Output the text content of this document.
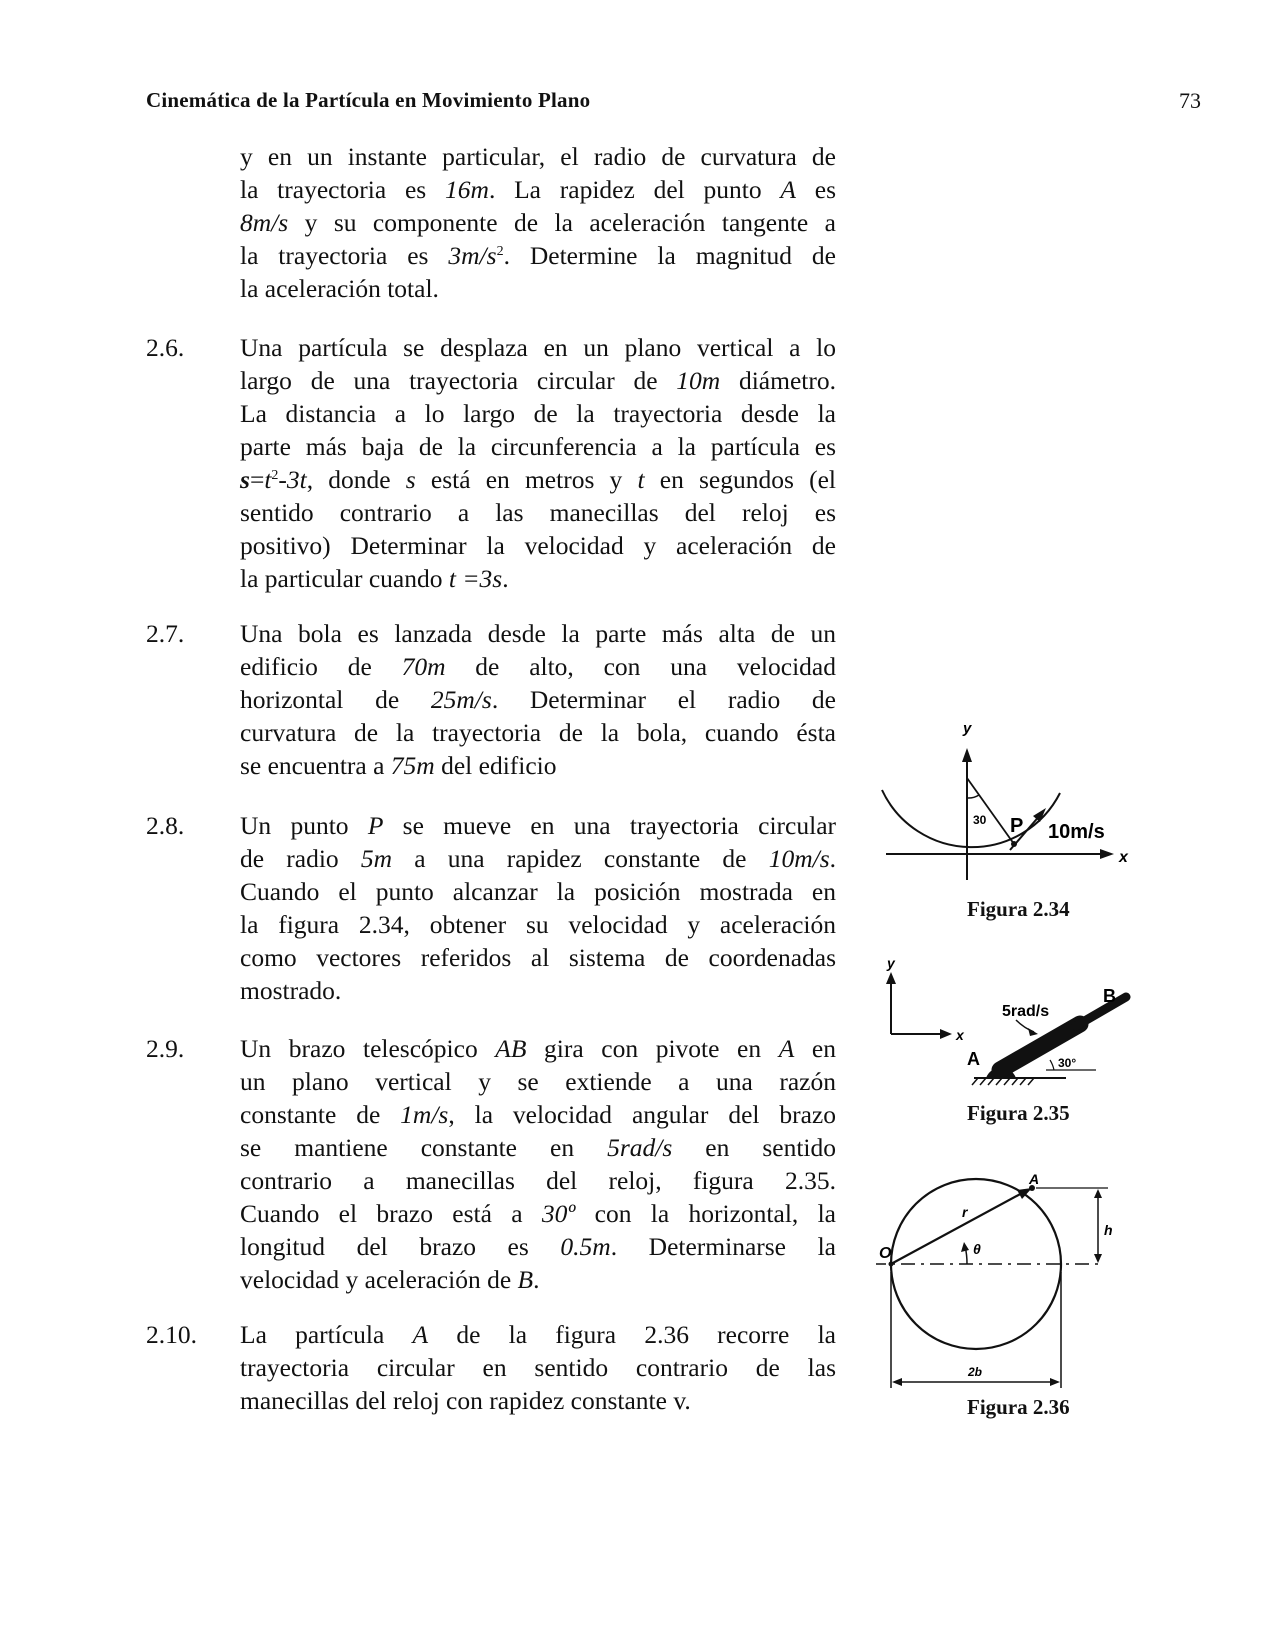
Cinemática de la Partícula en Movimiento Plano	73
y en un instante particular, el radio de curvatura de
la trayectoria es 16m. La rapidez del punto A es
8m/s y su componente de la aceleración tangente a
la trayectoria es $3m/s^2$. Determine la magnitud de
la aceleración total.
2.6. Una partícula se desplaza en un plano vertical a lo
largo de una trayectoria circular de 10m diámetro.
La distancia a lo largo de la trayectoria desde la
parte más baja de la circunferencia a la partícula es
$s=t^2-3t$, donde s está en metros y t en segundos (el
sentido contrario a las manecillas del reloj es
positivo) Determinar la velocidad y aceleración de
la particular cuando t =3s.
2.7. Una bola es lanzada desde la parte más alta de un
edificio de 70m de alto, con una velocidad
horizontal de 25m/s. Determinar el radio de
curvatura de la trayectoria de la bola, cuando ésta
se encuentra a 75m del edificio
2.8. Un punto P se mueve en una trayectoria circular
de radio 5m a una rapidez constante de 10m/s.
Cuando el punto alcanzar la posición mostrada en
la figura 2.34, obtener su velocidad y aceleración
como vectores referidos al sistema de coordenadas
mostrado.
2.9. Un brazo telescópico AB gira con pivote en A en
un plano vertical y se extiende a una razón
constante de 1m/s, la velocidad angular del brazo
se mantiene constante en 5rad/s en sentido
contrario a manecillas del reloj, figura 2.35.
Cuando el brazo está a 30º con la horizontal, la
longitud del brazo es 0.5m. Determinarse la
velocidad y aceleración de B.
2.10. La partícula A de la figura 2.36 recorre la
trayectoria circular en sentido contrario de las
manecillas del reloj con rapidez constante v.
y
30 P 10m/s
x
Figura 2.34
y
x
5rad/s
B
A	30°
Figura 2.35
O
A
r
θ
h
2b
Figura 2.36
